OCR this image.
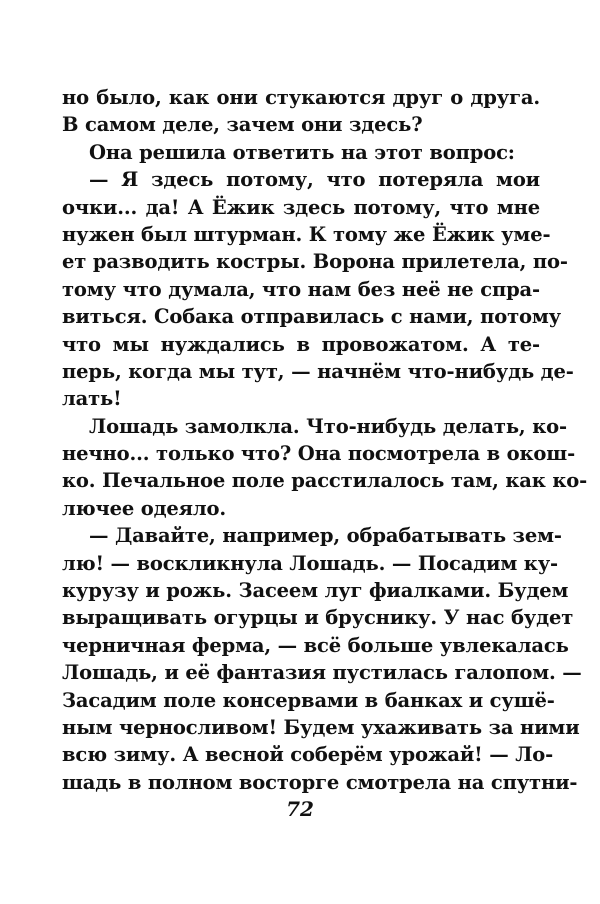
но было, как они стукаются друг о друга.
В самом деле, зачем они здесь?
Она решила ответить на этот вопрос:
— Я здесь потому, что потеряла мои
очки... да! А Ёжик здесь потому, что мне
нужен был штурман. К тому же Ёжик уме-
ет разводить костры. Ворона прилетела, по-
тому что думала, что нам без неё не спра-
виться. Собака отправилась с нами, потому
что мы нуждались в провожатом. А те-
перь, когда мы тут, — начнём что-нибудь де-
лать!
Лошадь замолкла. Что-нибудь делать, ко-
нечно... только что? Она посмотрела в окош-
ко. Печальное поле расстилалось там, как ко-
лючее одеяло.
— Давайте, например, обрабатывать зем-
лю! — воскликнула Лошадь. — Посадим ку-
курузу и рожь. Засеем луг фиалками. Будем
выращивать огурцы и бруснику. У нас будет
черничная ферма, — всё больше увлекалась
Лошадь, и её фантазия пустилась галопом. —
Засадим поле консервами в банках и сушё-
ным черносливом! Будем ухаживать за ними
всю зиму. А весной соберём урожай! — Ло-
шадь в полном восторге смотрела на спутни-
72
